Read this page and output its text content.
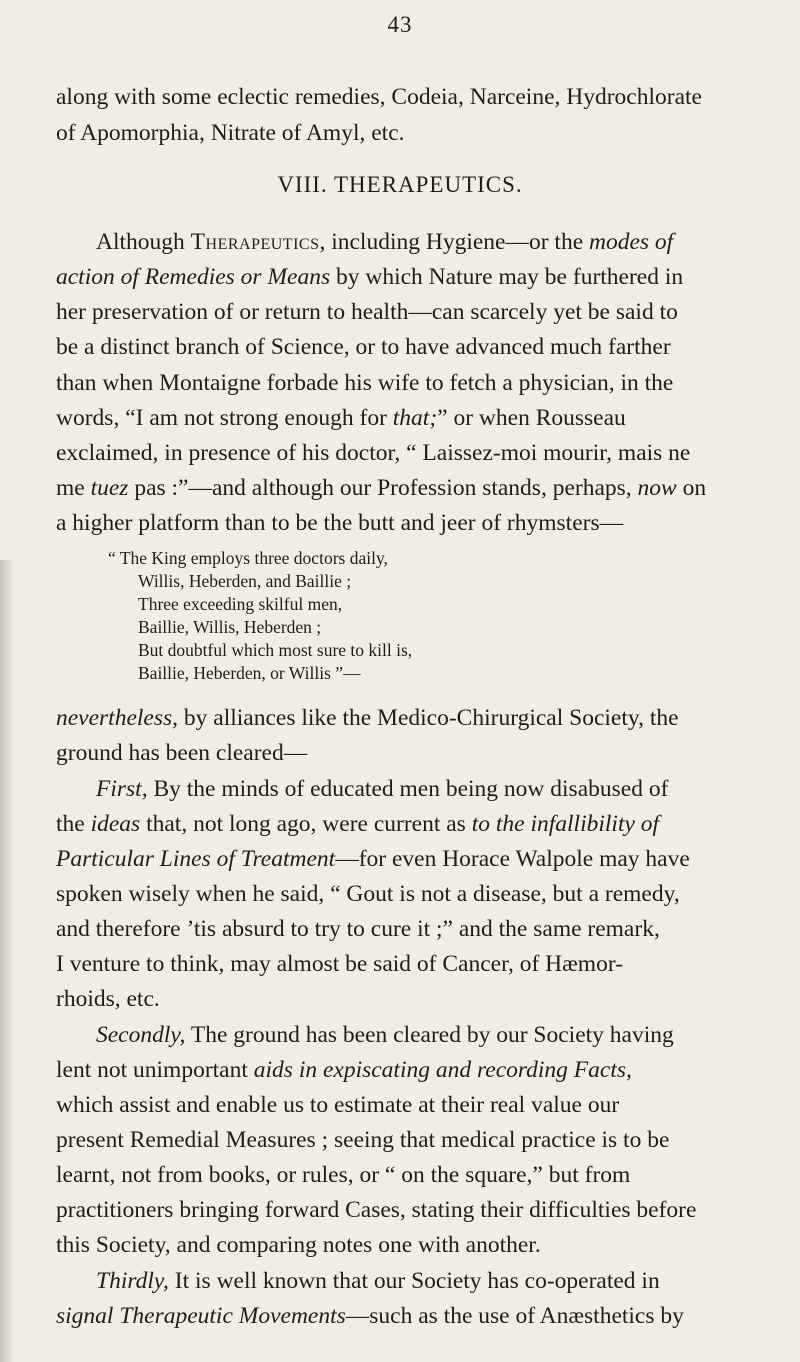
43
along with some eclectic remedies, Codeia, Narceine, Hydrochlorate
of Apomorphia, Nitrate of Amyl, etc.
VIII. THERAPEUTICS.
Although Therapeutics, including Hygiene—or the modes of
action of Remedies or Means by which Nature may be furthered in
her preservation of or return to health—can scarcely yet be said to
be a distinct branch of Science, or to have advanced much farther
than when Montaigne forbade his wife to fetch a physician, in the
words, “I am not strong enough for that;” or when Rousseau
exclaimed, in presence of his doctor, “ Laissez-moi mourir, mais ne
me tuez pas :”—and although our Profession stands, perhaps, now on
a higher platform than to be the butt and jeer of rhymsters—
“ The King employs three doctors daily,
Willis, Heberden, and Baillie ;
Three exceeding skilful men,
Baillie, Willis, Heberden ;
But doubtful which most sure to kill is,
Baillie, Heberden, or Willis ”—
nevertheless, by alliances like the Medico-Chirurgical Society, the
ground has been cleared—
First, By the minds of educated men being now disabused of
the ideas that, not long ago, were current as to the infallibility of
Particular Lines of Treatment—for even Horace Walpole may have
spoken wisely when he said, “ Gout is not a disease, but a remedy,
and therefore ’tis absurd to try to cure it ;” and the same remark,
I venture to think, may almost be said of Cancer, of Hæmor-
rhoids, etc.
Secondly, The ground has been cleared by our Society having
lent not unimportant aids in expiscating and recording Facts,
which assist and enable us to estimate at their real value our
present Remedial Measures ; seeing that medical practice is to be
learnt, not from books, or rules, or “ on the square,” but from
practitioners bringing forward Cases, stating their difficulties before
this Society, and comparing notes one with another.
Thirdly, It is well known that our Society has co-operated in
signal Therapeutic Movements—such as the use of Anæsthetics by
